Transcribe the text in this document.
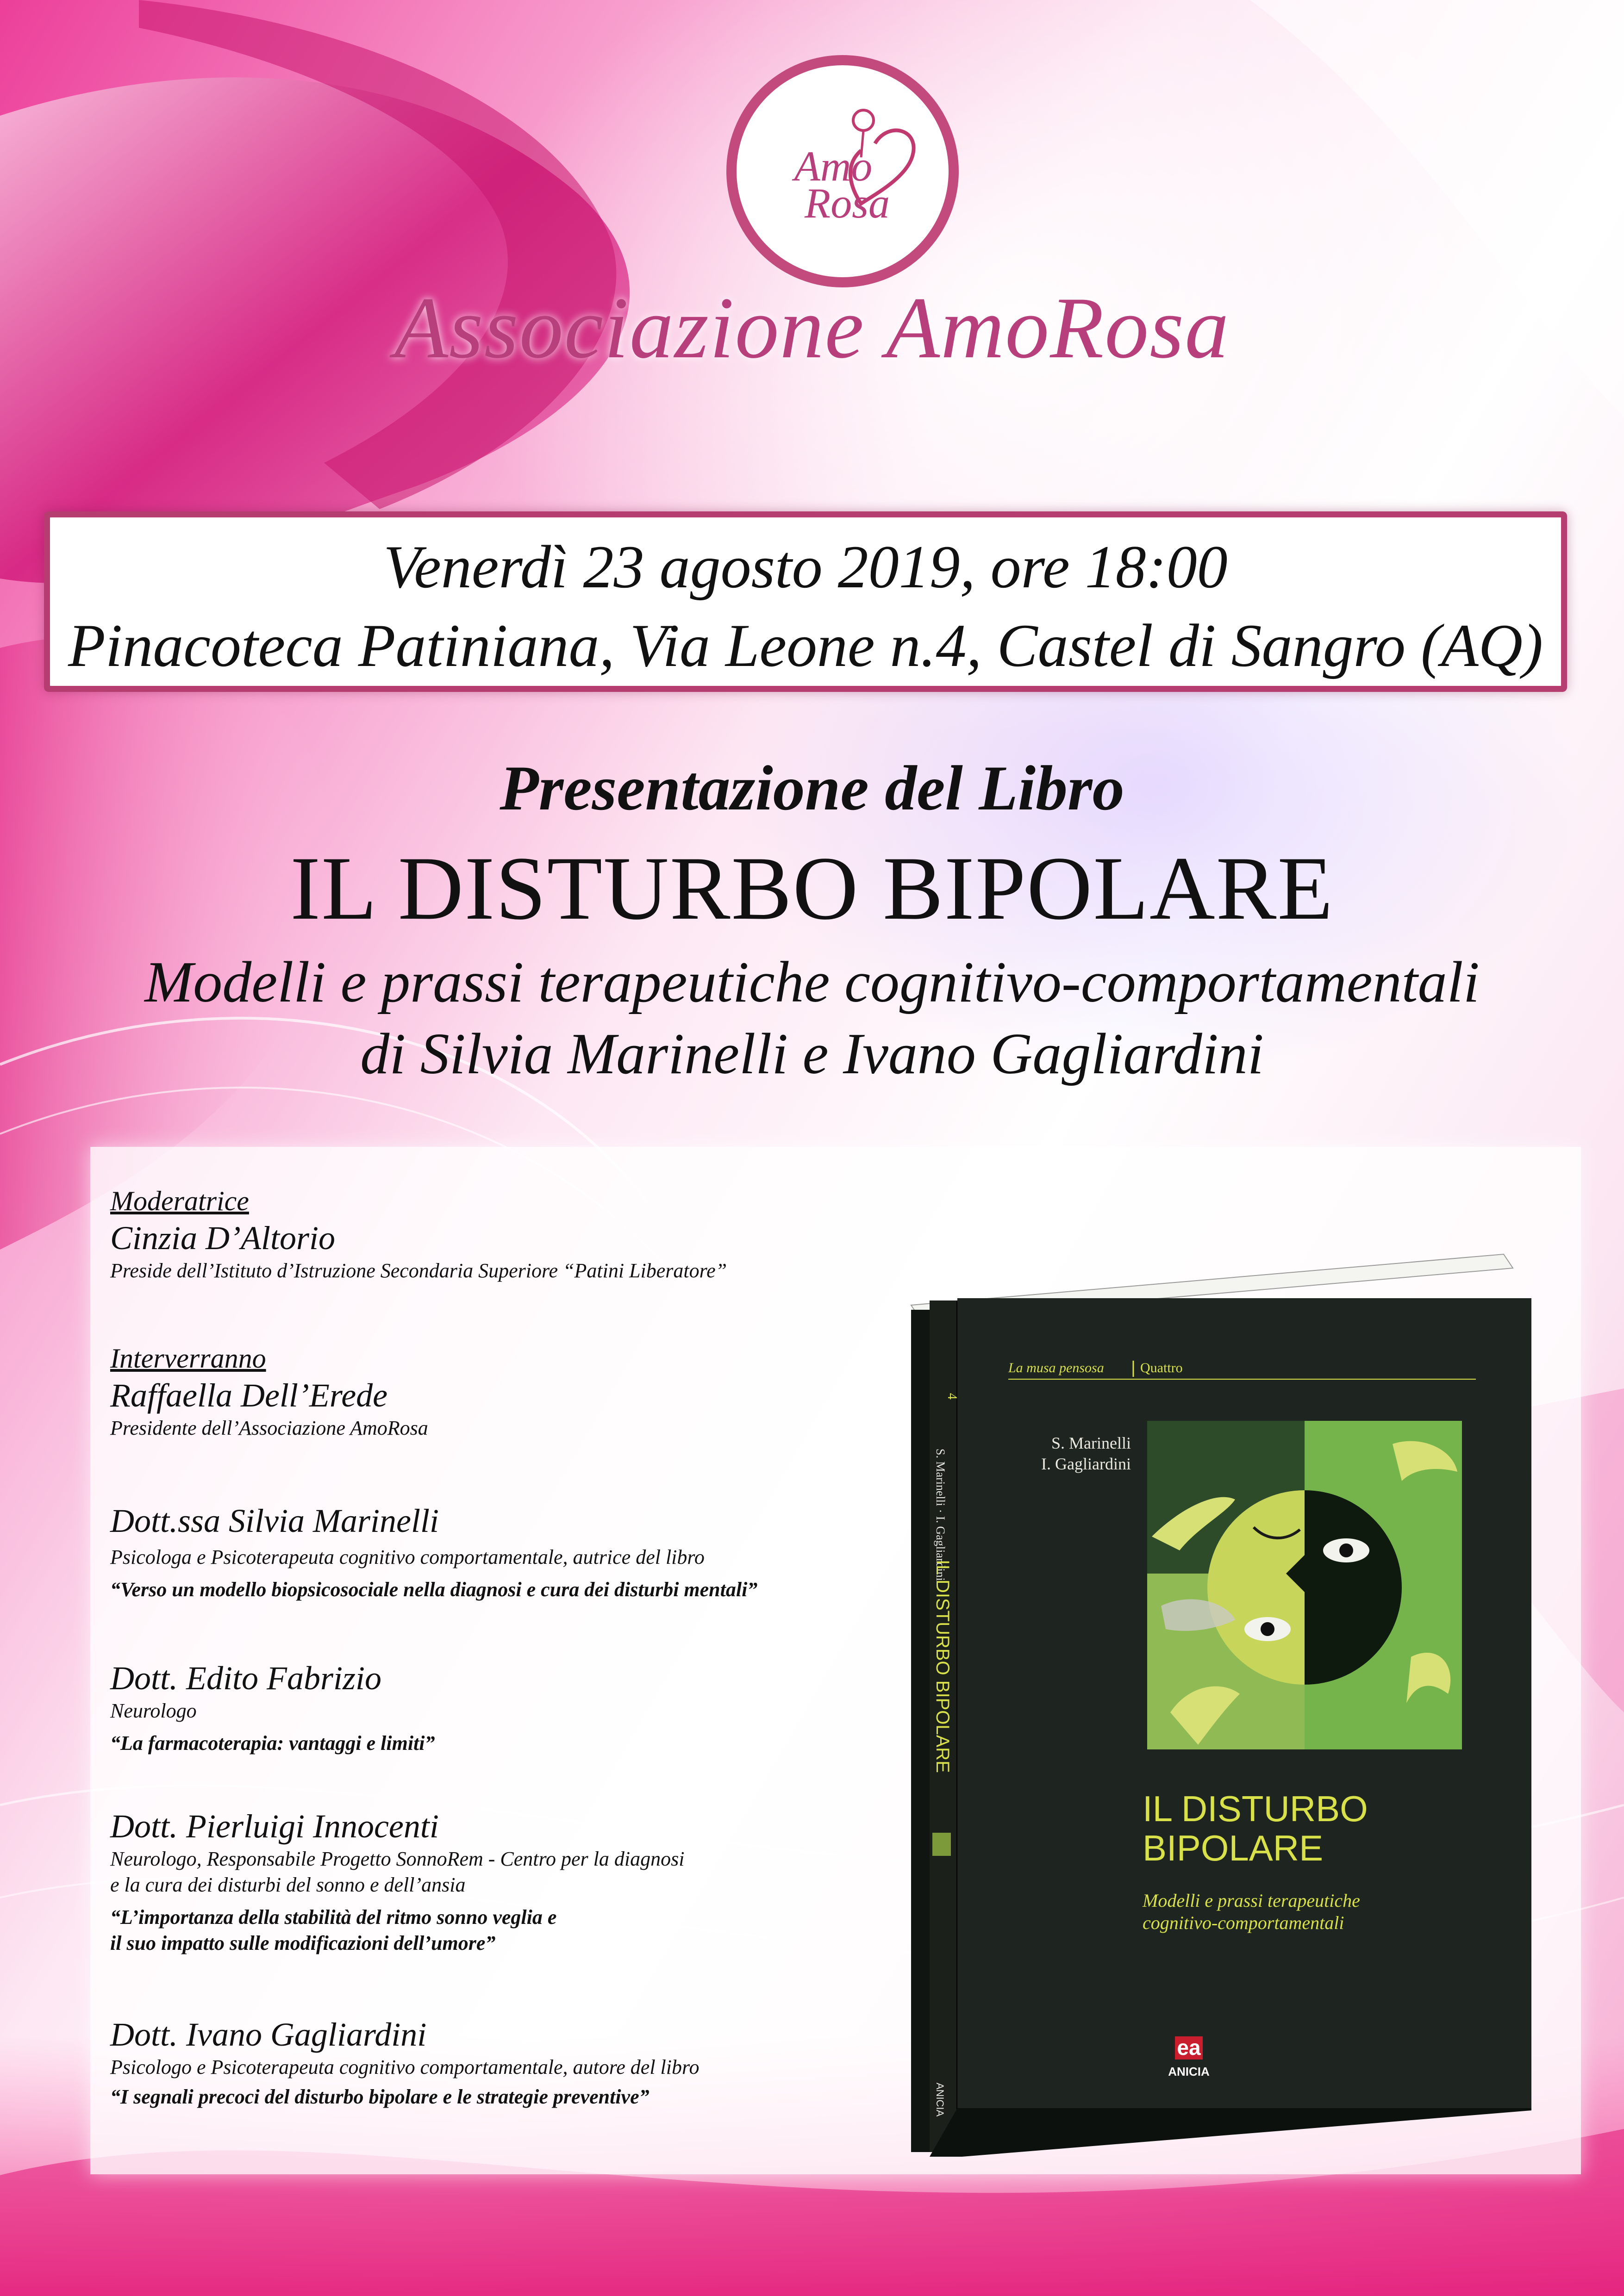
Amo
Rosa
Associazione AmoRosa
Venerdì 23 agosto 2019, ore 18:00
Pinacoteca Patiniana, Via Leone n.4, Castel di Sangro (AQ)
Presentazione del Libro
IL DISTURBO BIPOLARE
Modelli e prassi terapeutiche cognitivo-comportamentali
di Silvia Marinelli e Ivano Gagliardini
Moderatrice
Cinzia D’Altorio
Preside dell’Istituto d’Istruzione Secondaria Superiore “Patini Liberatore”
Interverranno
Raffaella Dell’Erede
Presidente dell’Associazione AmoRosa
Dott.ssa Silvia Marinelli
Psicologa e Psicoterapeuta cognitivo comportamentale, autrice del libro
“Verso un modello biopsicosociale nella diagnosi e cura dei disturbi mentali”
Dott. Edito Fabrizio
Neurologo
“La farmacoterapia: vantaggi e limiti”
Dott. Pierluigi Innocenti
Neurologo, Responsabile Progetto SonnoRem - Centro per la diagnosi
e la cura dei disturbi del sonno e dell’ansia
“L’importanza della stabilità del ritmo sonno veglia e
il suo impatto sulle modificazioni dell’umore”
Dott. Ivano Gagliardini
Psicologo e Psicoterapeuta cognitivo comportamentale, autore del libro
“I segnali precoci del disturbo bipolare e le strategie preventive”
4
S. Marinelli · I. Gagliardini
IL DISTURBO BIPOLARE
ANICIA
La musa pensosa	Quattro
S. Marinelli
I. Gagliardini
IL DISTURBO
BIPOLARE
Modelli e prassi terapeutiche
cognitivo-comportamentali
ea
ANICIA
